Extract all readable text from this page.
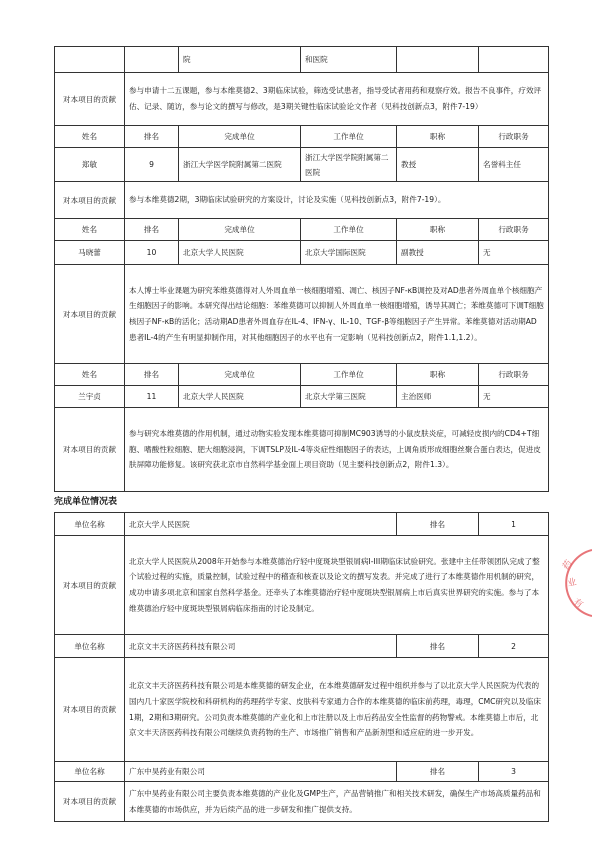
		院	和医院		
对本项目的贡献	参与申请十二五课题，参与本维莫德2、3期临床试验，筛选受试患者，指导受试者用药和观察疗效。报告不良事件，疗效评估、记录、随访，参与论文的撰写与修改，是3期关键性临床试验论文作者（见科技创新点3，附件7-19）				
姓名	排名	完成单位	工作单位	职称	行政职务
郑敏	9	浙江大学医学院附属第二医院	浙江大学医学院附属第二医院	教授	名誉科主任
对本项目的贡献	参与本维莫德2期，3期临床试验研究的方案设计，讨论及实施（见科技创新点3，附件7-19）。				
姓名	排名	完成单位	工作单位	职称	行政职务
马晓蕾	10	北京大学人民医院	北京大学国际医院	副教授	无
对本项目的贡献	本人博士毕业课题为研究苯维莫德得对人外周血单一核细胞增殖、凋亡、核因子NF-κB调控及对AD患者外周血单个核细胞产生细胞因子的影响。本研究得出结论细胞：苯维莫德可以抑制人外周血单一核细胞增殖，诱导其凋亡；苯维莫德可下调T细胞核因子NF-κB的活化；活动期AD患者外周血存在IL-4、IFN-γ、IL-10、TGF-β等细胞因子产生异常。苯维莫德对活动期AD患者IL-4的产生有明显抑制作用，对其他细胞因子的水平也有一定影响（见科技创新点2，附件1.1,1.2）。				
姓名	排名	完成单位	工作单位	职称	行政职务
兰宇贞	11	北京大学人民医院	北京大学第三医院	主治医师	无
对本项目的贡献	参与研究本维莫德的作用机制，通过动物实验发现本维莫德可抑制MC903诱导的小鼠皮肤炎症，可减轻皮损内的CD4+T细胞、嗜酸性粒细胞、肥大细胞浸润，下调TSLP及IL-4等炎症性细胞因子的表达，上调角质形成细胞丝聚合蛋白表达，促进皮肤屏障功能修复。该研究获北京市自然科学基金面上项目资助（见主要科技创新点2，附件1.3）。				
完成单位情况表
单位名称	北京大学人民医院	排名	1
对本项目的贡献	北京大学人民医院从2008年开始参与本维莫德治疗轻中度斑块型银屑病I-III期临床试验研究。张建中主任带领团队完成了整个试验过程的实施，质量控制，试验过程中的稽查和核查以及论文的撰写发表。并完成了进行了本维莫德作用机制的研究，成功申请多项北京和国家自然科学基金。还牵头了本维莫德治疗轻中度斑块型银屑病上市后真实世界研究的实施。参与了本维莫德治疗轻中度斑块型银屑病临床指南的讨论及制定。		
单位名称	北京文丰天济医药科技有限公司	排名	2
对本项目的贡献	北京文丰天济医药科技有限公司是本维莫德的研发企业，在本维莫德研发过程中组织并参与了以北京大学人民医院为代表的国内几十家医学院校和科研机构的药理药学专家、皮肤科专家通力合作的本维莫德的临床前药理，毒理，CMC研究以及临床1期，2期和3期研究。公司负责本维莫德的产业化和上市注册以及上市后药品安全性监督的药物警戒。本维莫德上市后，北京文丰天济医药科技有限公司继续负责药物的生产、市场推广销售和产品新剂型和适应症的进一步开发。		
单位名称	广东中昊药业有限公司	排名	3
对本项目的贡献	广东中昊药业有限公司主要负责本维莫德的产业化及GMP生产，产品营销推广和相关技术研发，确保生产市场高质量药品和本维莫德的市场供应，并为后续产品的进一步研发和推广提供支持。		
药
业
有
